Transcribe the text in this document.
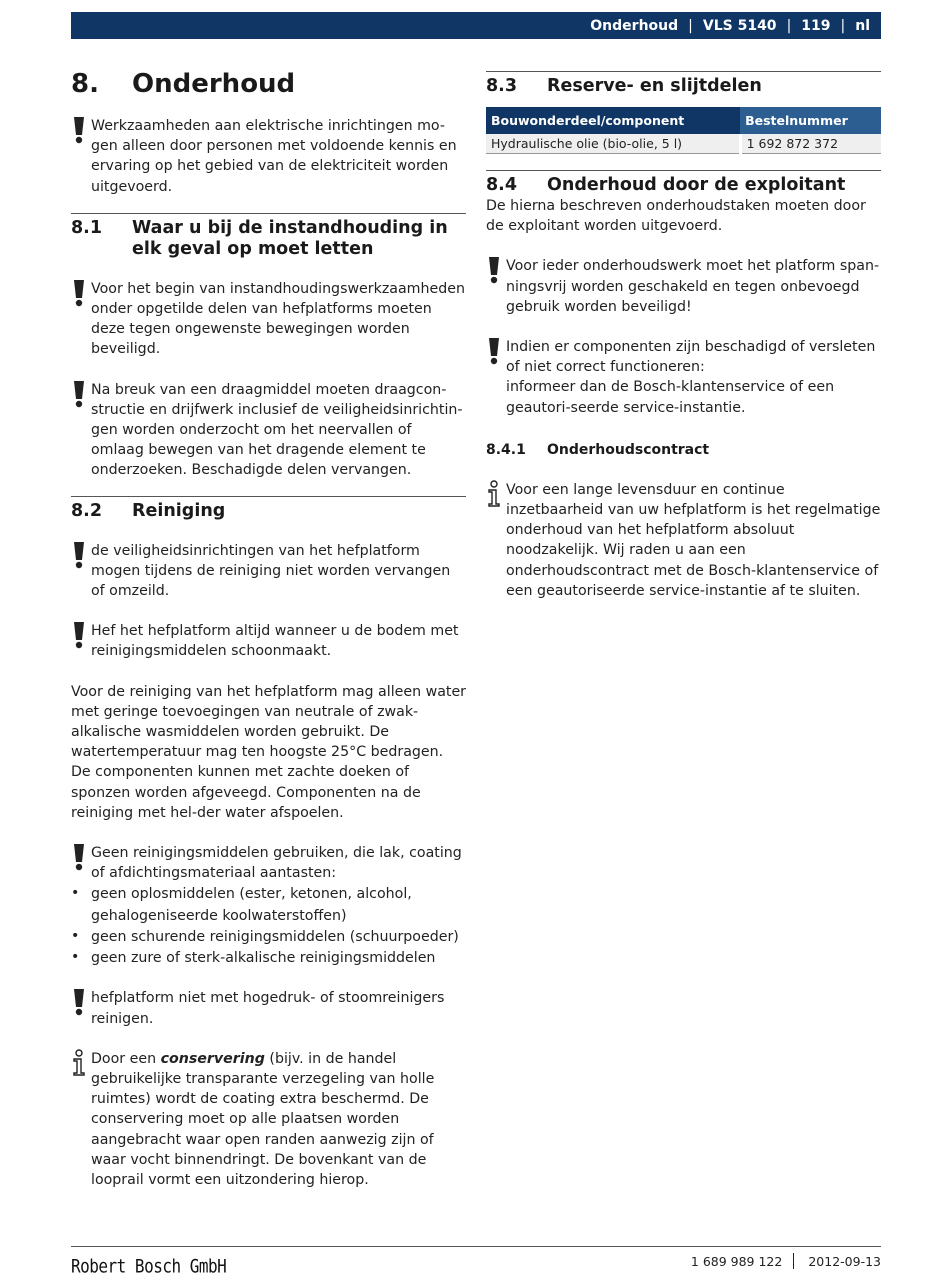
Onderhoud | VLS 5140 | 119 | nl
8.	Onderhoud

Werkzaamheden aan elektrische inrichtingen mo-gen alleen door personen met voldoende kennis en ervaring op het gebied van de elektriciteit worden uitgevoerd.

8.1	Waar u bij de instandhouding in elk geval op moet letten

Voor het begin van instandhoudingswerkzaamheden onder opgetilde delen van hefplatforms moeten deze tegen ongewenste bewegingen worden beveiligd.

Na breuk van een draagmiddel moeten draagcon-structie en drijfwerk inclusief de veiligheidsinrichtin-gen worden onderzocht om het neervallen of omlaag bewegen van het dragende element te onderzoeken. Beschadigde delen vervangen.

8.2	Reiniging

de veiligheidsinrichtingen van het hefplatform mogen tijdens de reiniging niet worden vervangen of omzeild.

Hef het hefplatform altijd wanneer u de bodem met reinigingsmiddelen schoonmaakt.

Voor de reiniging van het hefplatform mag alleen water met geringe toevoegingen van neutrale of zwak-alkalische wasmiddelen worden gebruikt. De watertemperatuur mag ten hoogste 25°C bedragen.

De componenten kunnen met zachte doeken of sponzen worden afgeveegd. Componenten na de reiniging met hel-der water afspoelen.

Geen reinigingsmiddelen gebruiken, die lak, coating of afdichtingsmateriaal aantasten:

• geen oplosmiddelen (ester, ketonen, alcohol, gehalogeniseerde koolwaterstoffen)
• geen schurende reinigingsmiddelen (schuurpoeder)
• geen zure of sterk-alkalische reinigingsmiddelen

hefplatform niet met hogedruk- of stoomreinigers reinigen.

Door een conservering (bijv. in de handel gebruikelijke transparante verzegeling van holle ruimtes) wordt de coating extra beschermd. De conservering moet op alle plaatsen worden aangebracht waar open randen aanwezig zijn of waar vocht binnendringt. De bovenkant van de looprail vormt een uitzondering hierop.

8.3	Reserve- en slijtdelen
Bouwonderdeel/component	Bestelnummer
Hydraulische olie (bio-olie, 5 l)	1 692 872 372
8.4	Onderhoud door de exploitant

De hierna beschreven onderhoudstaken moeten door de exploitant worden uitgevoerd.

Voor ieder onderhoudswerk moet het platform span-ningsvrij worden geschakeld en tegen onbevoegd gebruik worden beveiligd!

Indien er componenten zijn beschadigd of versleten of niet correct functioneren:

informeer dan de Bosch-klantenservice of een geautori-seerde service-instantie.

8.4.1	Onderhoudscontract

Voor een lange levensduur en continue inzetbaarheid van uw hefplatform is het regelmatige onderhoud van het hefplatform absoluut noodzakelijk. Wij raden u aan een onderhoudscontract met de Bosch-klantenservice of een geautoriseerde service-instantie af te sluiten.

Robert Bosch GmbH	1 689 989 122 2012-09-13
